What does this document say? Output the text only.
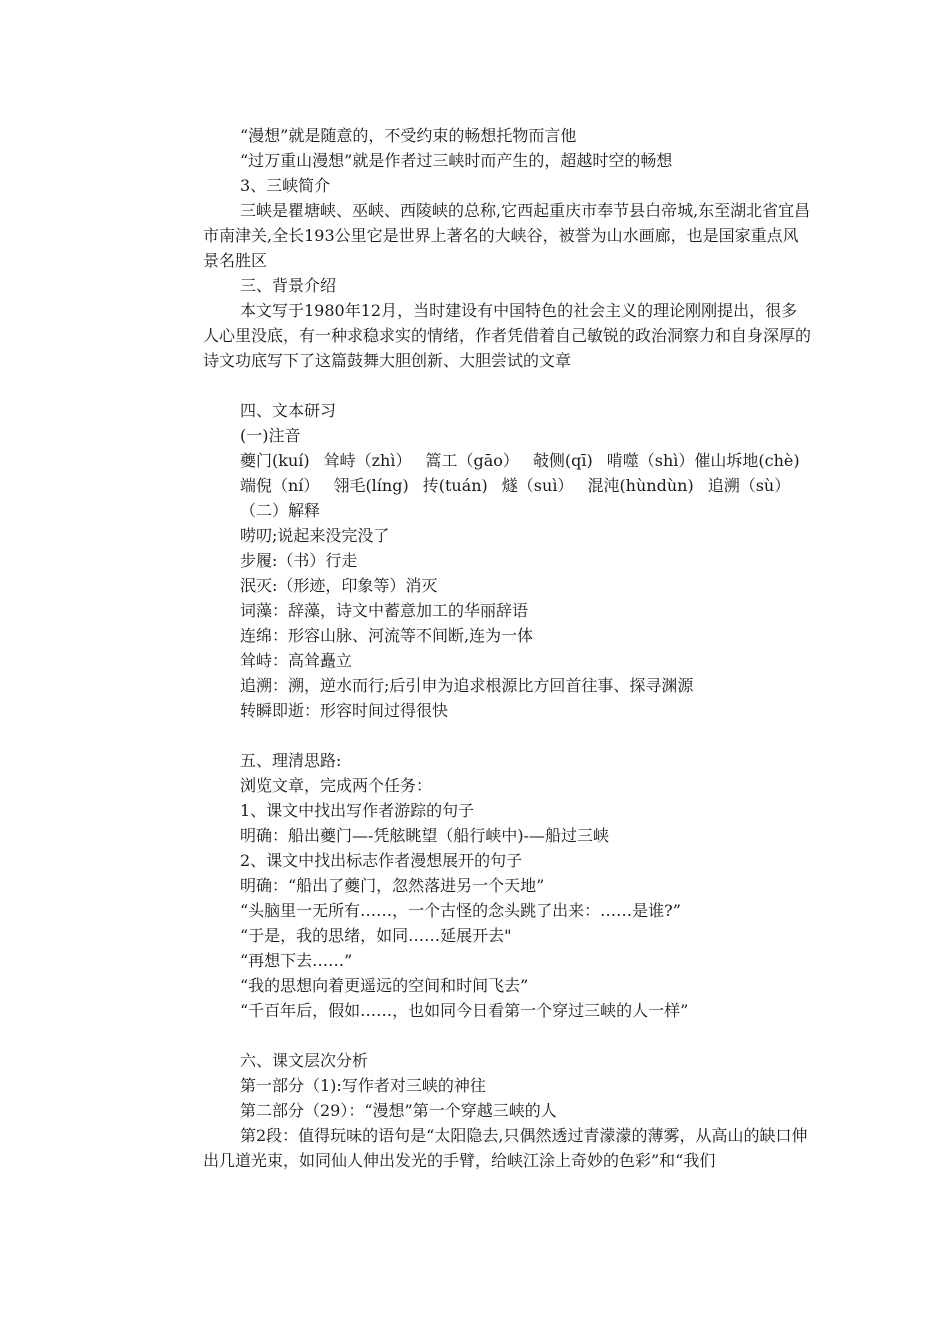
“漫想”就是随意的，不受约束的畅想托物而言他

“过万重山漫想”就是作者过三峡时而产生的，超越时空的畅想

3、三峡简介

三峡是瞿塘峡、巫峡、西陵峡的总称,它西起重庆市奉节县白帝城,东至湖北省宜昌市南津关,全长193公里它是世界上著名的大峡谷，被誉为山水画廊，也是国家重点风景名胜区

三、背景介绍

本文写于1980年12月，当时建设有中国特色的社会主义的理论刚刚提出，很多人心里没底，有一种求稳求实的情绪，作者凭借着自己敏锐的政治洞察力和自身深厚的诗文功底写下了这篇鼓舞大胆创新、大胆尝试的文章

四、文本研习

(一)注音

夔门(kuí) 耸峙（zhì） 篙工（gāo） 攲侧(qī) 啃噬（shì）催山坼地(chè)

端倪（ní） 翎毛(líng) 抟(tuán) 燧（suì） 混沌(hùndùn) 追溯（sù）

（二）解释

唠叨;说起来没完没了

步履:（书）行走

泯灭:（形迹，印象等）消灭

词藻：辞藻，诗文中蓄意加工的华丽辞语

连绵：形容山脉、河流等不间断,连为一体

耸峙：高耸矗立

追溯：溯，逆水而行;后引申为追求根源比方回首往事、探寻渊源

转瞬即逝：形容时间过得很快

五、理清思路:

浏览文章，完成两个任务：

1、课文中找出写作者游踪的句子

明确：船出夔门—-凭舷眺望（船行峡中)-—船过三峡

2、课文中找出标志作者漫想展开的句子

明确：“船出了夔门，忽然落进另一个天地”

“头脑里一无所有……，一个古怪的念头跳了出来：……是谁?”

“于是，我的思绪，如同……延展开去"

“再想下去……”

“我的思想向着更遥远的空间和时间飞去”

“千百年后，假如……，也如同今日看第一个穿过三峡的人一样”

六、课文层次分析

第一部分（1):写作者对三峡的神往

第二部分（29）：“漫想”第一个穿越三峡的人

第2段：值得玩味的语句是“太阳隐去,只偶然透过青濛濛的薄雾，从高山的缺口伸出几道光束，如同仙人伸出发光的手臂，给峡江涂上奇妙的色彩”和“我们
